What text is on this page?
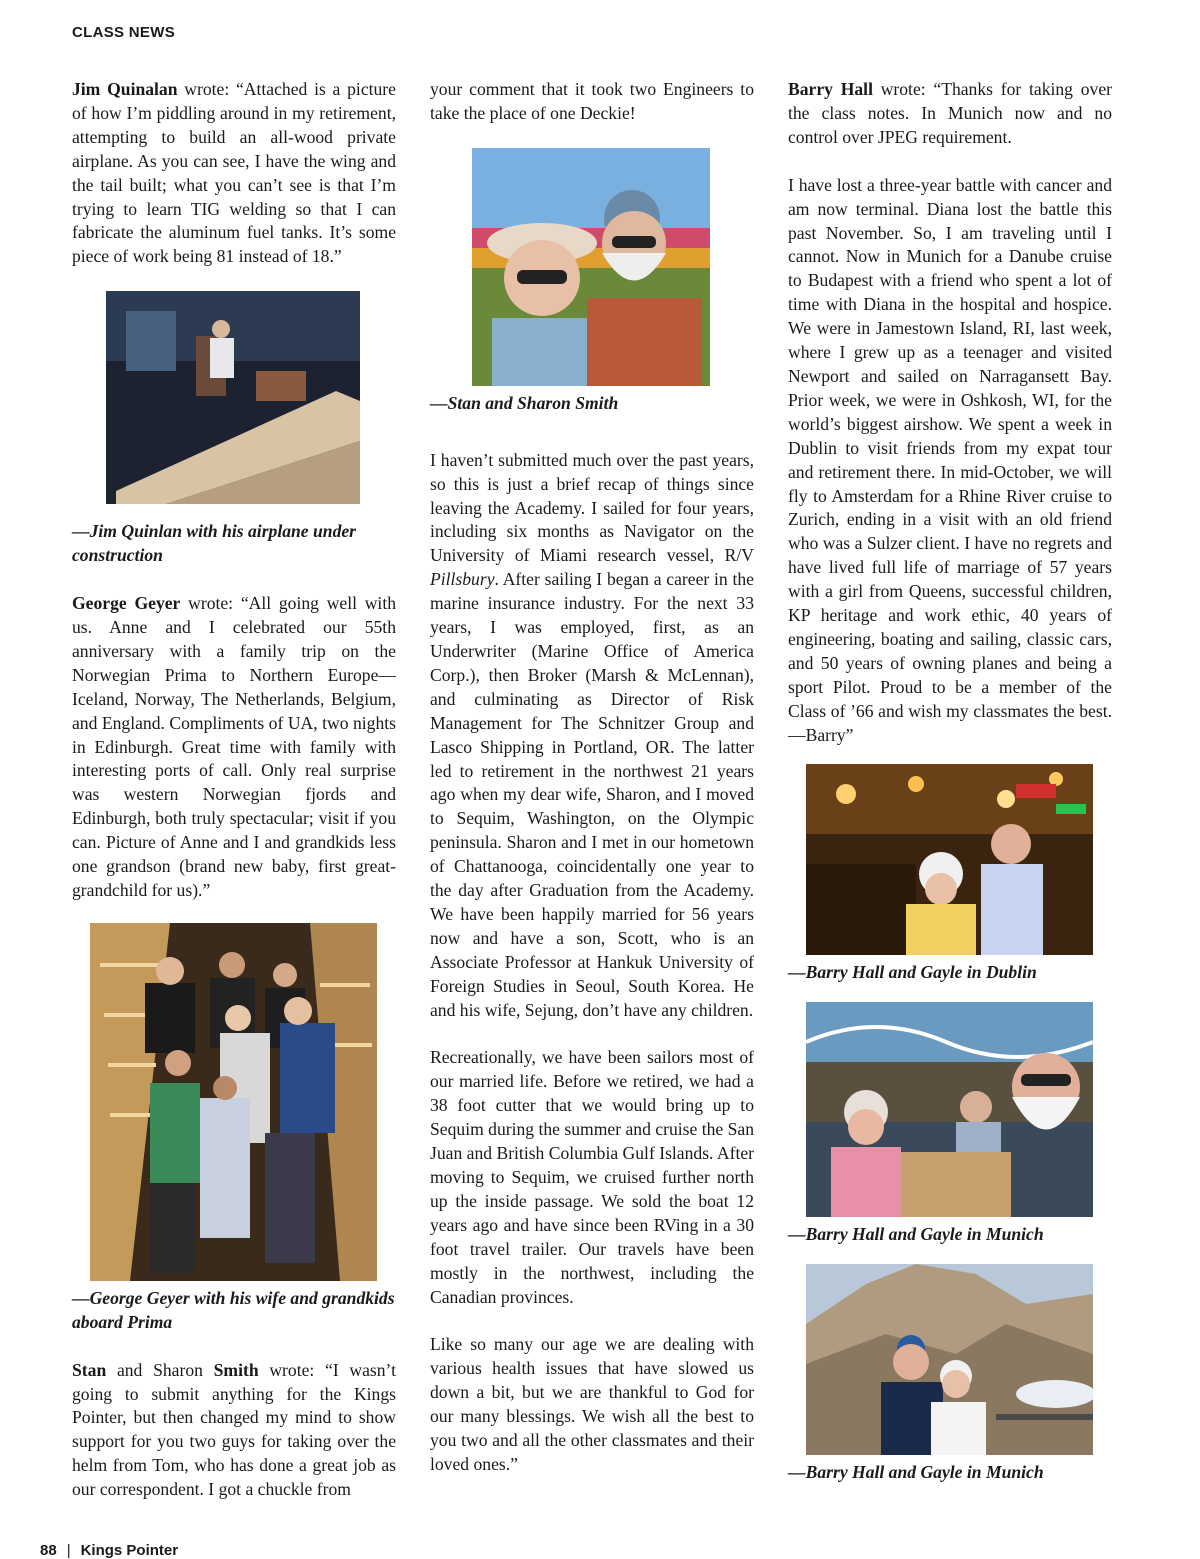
CLASS NEWS

Jim Quinalan wrote: “Attached is a picture of how I’m piddling around in my retirement, attempting to build an all-wood private airplane. As you can see, I have the wing and the tail built; what you can’t see is that I’m trying to learn TIG welding so that I can fabricate the aluminum fuel tanks. It’s some piece of work being 81 instead of 18.”

—Jim Quinlan with his airplane under construction

George Geyer wrote: “All going well with us. Anne and I celebrated our 55th anniversary with a family trip on the Norwegian Prima to Northern Europe—Iceland, Norway, The Netherlands, Belgium, and England. Compliments of UA, two nights in Edinburgh. Great time with family with interesting ports of call. Only real surprise was western Norwegian fjords and Edinburgh, both truly spectacular; visit if you can. Picture of Anne and I and grandkids less one grandson (brand new baby, first great-grandchild for us).”

—George Geyer with his wife and grandkids aboard Prima

Stan and Sharon Smith wrote: “I wasn’t going to submit anything for the Kings Pointer, but then changed my mind to show support for you two guys for taking over the helm from Tom, who has done a great job as our correspondent. I got a chuckle from

your comment that it took two Engineers to take the place of one Deckie!

—Stan and Sharon Smith

I haven’t submitted much over the past years, so this is just a brief recap of things since leaving the Academy. I sailed for four years, including six months as Navigator on the University of Miami research vessel, R/V Pillsbury. After sailing I began a career in the marine insurance industry. For the next 33 years, I was employed, first, as an Underwriter (Marine Office of America Corp.), then Broker (Marsh & McLennan), and culminating as Director of Risk Management for The Schnitzer Group and Lasco Shipping in Portland, OR. The latter led to retirement in the northwest 21 years ago when my dear wife, Sharon, and I moved to Sequim, Washington, on the Olympic peninsula. Sharon and I met in our hometown of Chattanooga, coincidentally one year to the day after Graduation from the Academy. We have been happily married for 56 years now and have a son, Scott, who is an Associate Professor at Hankuk University of Foreign Studies in Seoul, South Korea. He and his wife, Sejung, don’t have any children.

Recreationally, we have been sailors most of our married life. Before we retired, we had a 38 foot cutter that we would bring up to Sequim during the summer and cruise the San Juan and British Columbia Gulf Islands. After moving to Sequim, we cruised further north up the inside passage. We sold the boat 12 years ago and have since been RVing in a 30 foot travel trailer. Our travels have been mostly in the northwest, including the Canadian provinces.

Like so many our age we are dealing with various health issues that have slowed us down a bit, but we are thankful to God for our many blessings. We wish all the best to you two and all the other classmates and their loved ones.”

Barry Hall wrote: “Thanks for taking over the class notes. In Munich now and no control over JPEG requirement.

I have lost a three-year battle with cancer and am now terminal. Diana lost the battle this past November. So, I am traveling until I cannot. Now in Munich for a Danube cruise to Budapest with a friend who spent a lot of time with Diana in the hospital and hospice. We were in Jamestown Island, RI, last week, where I grew up as a teenager and visited Newport and sailed on Narragansett Bay. Prior week, we were in Oshkosh, WI, for the world’s biggest airshow. We spent a week in Dublin to visit friends from my expat tour and retirement there. In mid-October, we will fly to Amsterdam for a Rhine River cruise to Zurich, ending in a visit with an old friend who was a Sulzer client. I have no regrets and have lived full life of marriage of 57 years with a girl from Queens, successful children, KP heritage and work ethic, 40 years of engineering, boating and sailing, classic cars, and 50 years of owning planes and being a sport Pilot. Proud to be a member of the Class of ’66 and wish my classmates the best. —Barry”

—Barry Hall and Gayle in Dublin

—Barry Hall and Gayle in Munich

—Barry Hall and Gayle in Munich

88 | Kings Pointer
